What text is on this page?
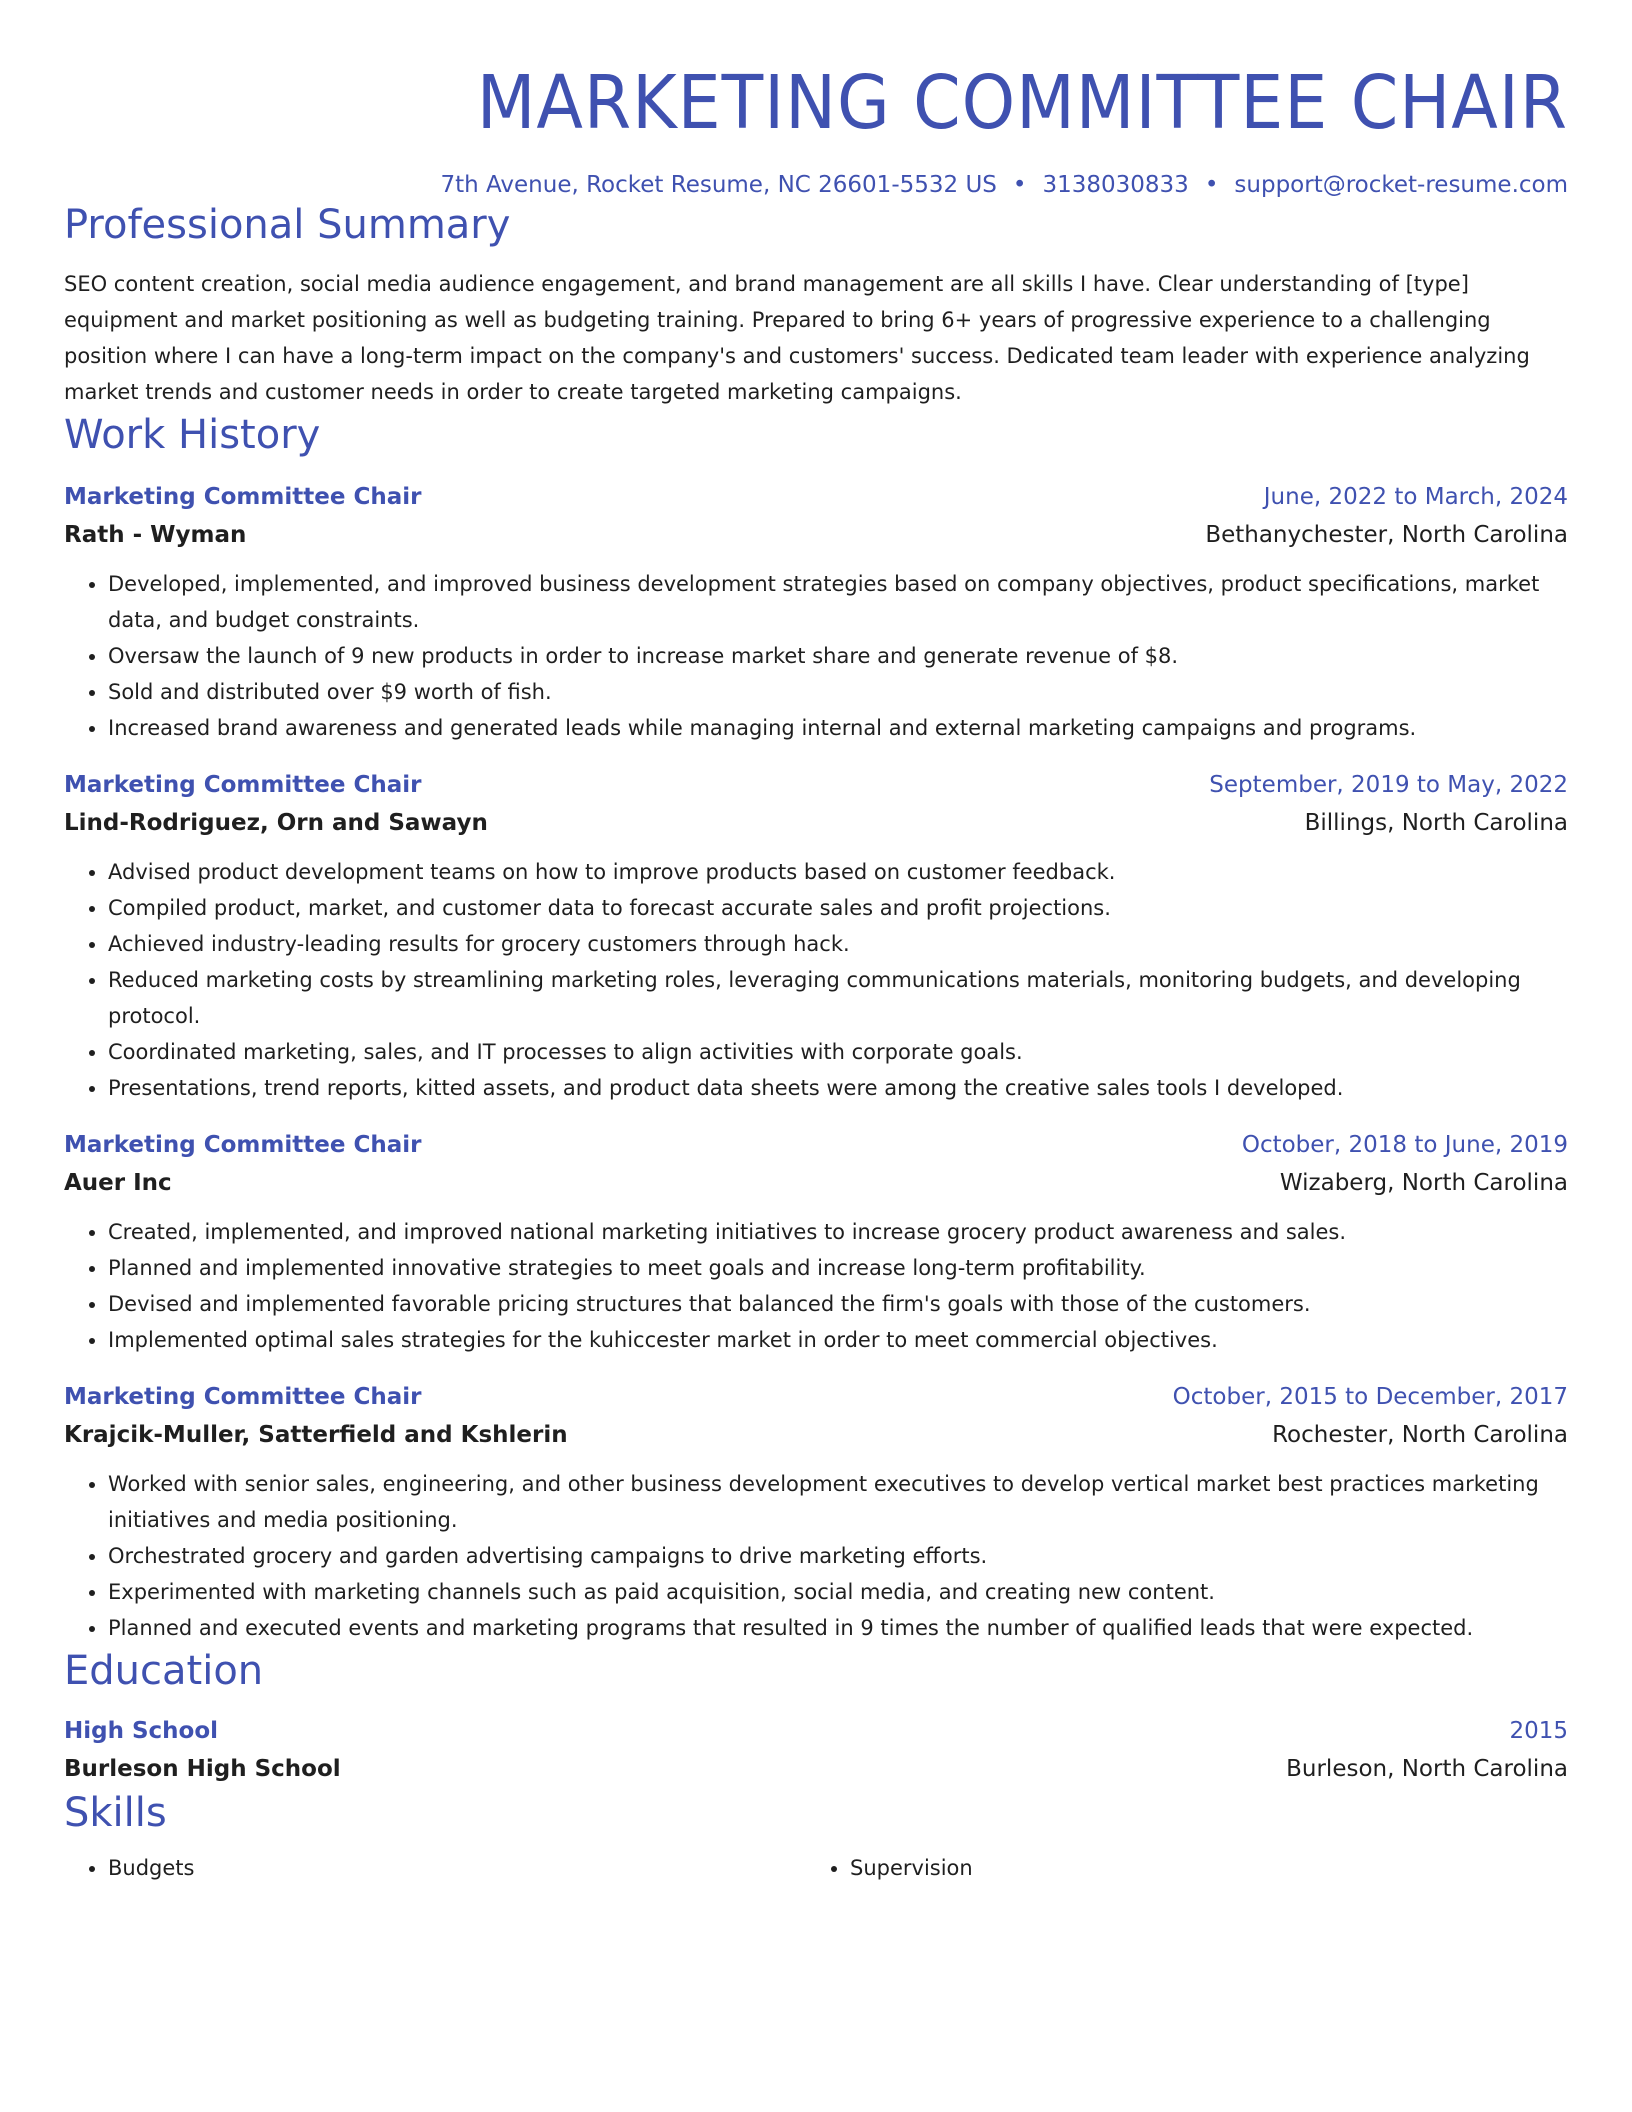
MARKETING COMMITTEE CHAIR
7th Avenue, Rocket Resume, NC 26601-5532 US • 3138030833 • support@rocket-resume.com
Professional Summary
SEO content creation, social media audience engagement, and brand management are all skills I have. Clear understanding of [type] equipment and market positioning as well as budgeting training. Prepared to bring 6+ years of progressive experience to a challenging position where I can have a long-term impact on the company's and customers' success. Dedicated team leader with experience analyzing market trends and customer needs in order to create targeted marketing campaigns.
Work History
Marketing Committee Chair	June, 2022 to March, 2024
Rath - Wyman	Bethanychester, North Carolina
• Developed, implemented, and improved business development strategies based on company objectives, product specifications, market data, and budget constraints.
• Oversaw the launch of 9 new products in order to increase market share and generate revenue of $8.
• Sold and distributed over $9 worth of fish.
• Increased brand awareness and generated leads while managing internal and external marketing campaigns and programs.
Marketing Committee Chair	September, 2019 to May, 2022
Lind-Rodriguez, Orn and Sawayn	Billings, North Carolina
• Advised product development teams on how to improve products based on customer feedback.
• Compiled product, market, and customer data to forecast accurate sales and profit projections.
• Achieved industry-leading results for grocery customers through hack.
• Reduced marketing costs by streamlining marketing roles, leveraging communications materials, monitoring budgets, and developing protocol.
• Coordinated marketing, sales, and IT processes to align activities with corporate goals.
• Presentations, trend reports, kitted assets, and product data sheets were among the creative sales tools I developed.
Marketing Committee Chair	October, 2018 to June, 2019
Auer Inc	Wizaberg, North Carolina
• Created, implemented, and improved national marketing initiatives to increase grocery product awareness and sales.
• Planned and implemented innovative strategies to meet goals and increase long-term profitability.
• Devised and implemented favorable pricing structures that balanced the firm's goals with those of the customers.
• Implemented optimal sales strategies for the kuhiccester market in order to meet commercial objectives.
Marketing Committee Chair	October, 2015 to December, 2017
Krajcik-Muller, Satterfield and Kshlerin	Rochester, North Carolina
• Worked with senior sales, engineering, and other business development executives to develop vertical market best practices marketing initiatives and media positioning.
• Orchestrated grocery and garden advertising campaigns to drive marketing efforts.
• Experimented with marketing channels such as paid acquisition, social media, and creating new content.
• Planned and executed events and marketing programs that resulted in 9 times the number of qualified leads that were expected.
Education
High School	2015
Burleson High School	Burleson, North Carolina
Skills
• Budgets
•	Supervision
